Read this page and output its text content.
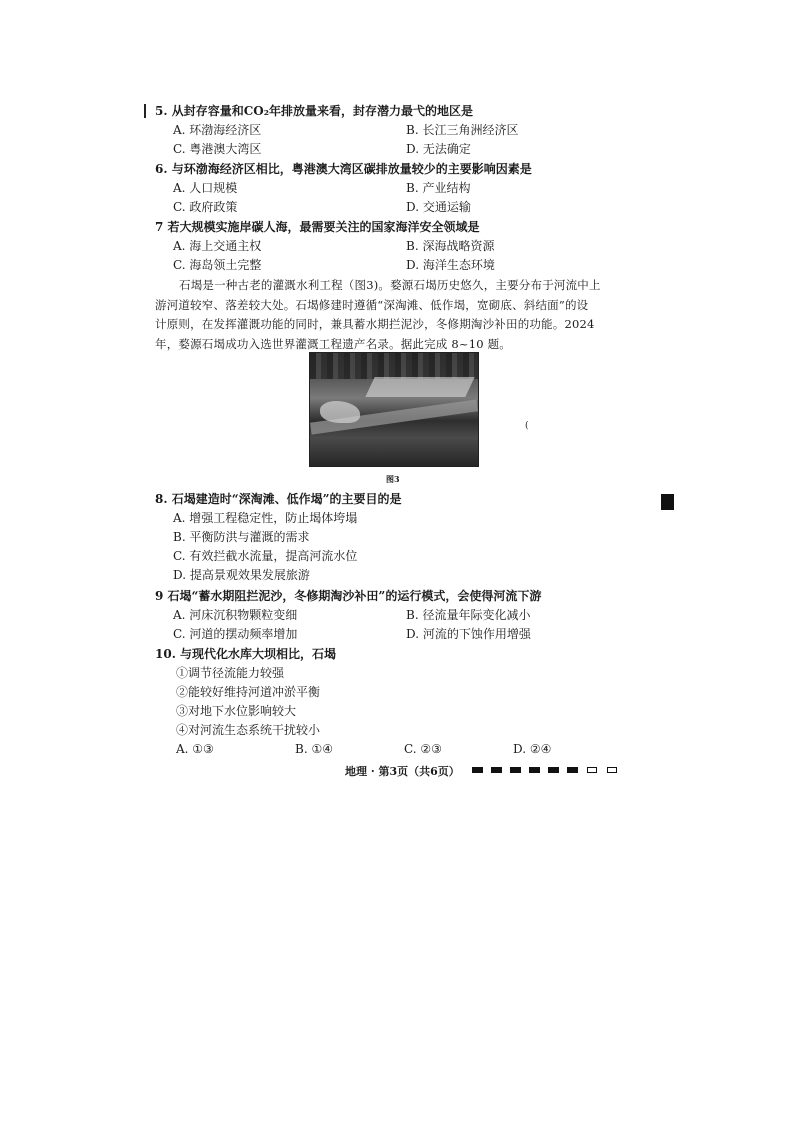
5. 从封存容量和CO₂年排放量来看，封存潜力最弋的地区是
A. 环渤海经济区	B. 长江三角洲经济区
C. 粤港澳大湾区	D. 无法确定
6. 与环渤海经济区相比，粤港澳大湾区碳排放量较少的主要影响因素是
A. 人口规模	B. 产业结构
C. 政府政策	D. 交通运输
7 若大规模实施岸碳人海，最需要关注的国家海洋安全领域是
A. 海上交通主权	B. 深海战略资源
C. 海岛领土完整	D. 海洋生态环境
石堨是一种古老的灌溉水利工程（图3)。婺源石堨历史悠久，主要分布于河流中上
游河道较窄、落差较大处。石堨修建时遵循“深淘滩、低作堨，宽砌底、斜结面”的设
计原则，在发挥灌溉功能的同时，兼具蓄水期拦泥沙，冬修期淘沙补田的功能。2024
年，婺源石堨成功入选世界灌溉工程遗产名录。据此完成 8~10 题。
图3
(
8. 石堨建造时“深淘滩、低作堨”的主要目的是
A. 增强工程稳定性，防止堨体垮塌
B. 平衡防洪与灌溉的需求
C. 有效拦截水流量，提高河流水位
D. 提高景观效果发展旅游
9 石堨“蓄水期阻拦泥沙，冬修期淘沙补田”的运行模式，会使得河流下游
A. 河床沉积物颗粒变细	B. 径流量年际变化减小
C. 河道的摆动频率增加	D. 河流的下蚀作用增强
10. 与现代化水库大坝相比，石堨
①调节径流能力较强
②能较好维持河道冲淤平衡
③对地下水位影响较大
④对河流生态系统干扰较小
A. ①③	B. ①④	C. ②③	D. ②④
地理 · 第3页（共6页）
